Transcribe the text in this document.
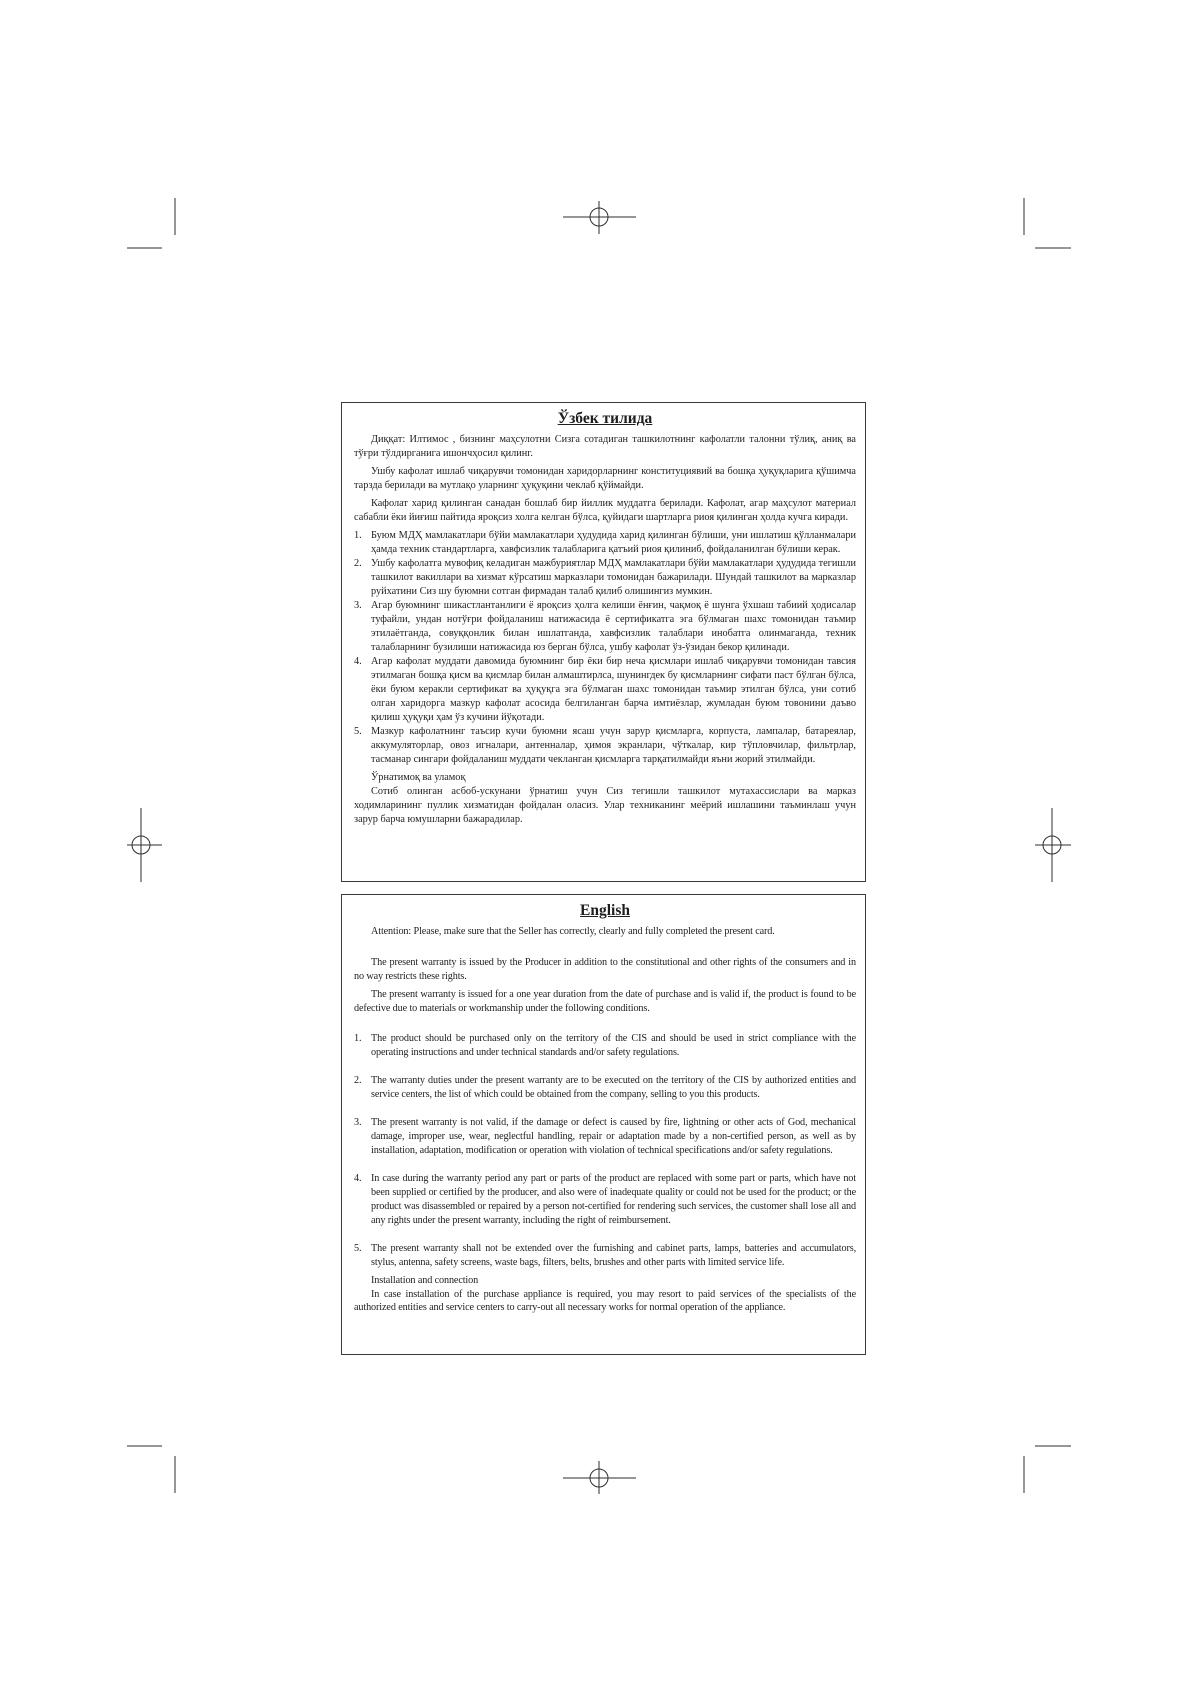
Ўзбек тилида

Диққат: Илтимос , бизнинг маҳсулотни Сизга сотадиган ташкилотнинг кафолатли талонни тўлиқ, аниқ ва тўғри тўлдирганига ишончҳосил қилинг.

Ушбу кафолат ишлаб чиқарувчи томонидан харидорларнинг конституциявий ва бошқа ҳуқуқларига қўшимча тарзда берилади ва мутлақо уларнинг ҳуқуқини чеклаб қўймайди.

Кафолат харид қилинган санадан бошлаб бир йиллик муддатга берилади. Кафолат, агар маҳсулот материал сабабли ёки йиғиш пайтида яроқсиз холга келган бўлса, қуйидаги шартларга риоя қилинган ҳолда кучга киради.

1. Буюм МДҲ мамлакатлари бўйи мамлакатлари ҳудудида харид қилинган бўлиши, уни ишлатиш қўлланмалари ҳамда техник стандартларга, хавфсизлик талабларига қатъий риоя қилиниб, фойдаланилган бўлиши керак.
2. Ушбу кафолатга мувофиқ келадиган мажбуриятлар МДҲ мамлакатлари бўйи мамлакатлари ҳудудида тегишли ташкилот вакиллари ва хизмат кўрсатиш марказлари томонидан бажарилади. Шундай ташкилот ва марказлар руйхатини Сиз шу буюмни сотган фирмадан талаб қилиб олишингиз мумкин.
3. Агар буюмнинг шикастлантанлиги ё яроқсиз ҳолга келиши ёнғин, чақмоқ ё шунга ўхшаш табиий ҳодисалар туфайли, ундан нотўғри фойдаланиш натижасида ё сертификатга эга бўлмаган шахс томонидан таъмир этилаётганда, совуққонлик билан ишлатганда, хавфсизлик талаблари инобатга олинмаганда, техник талабларнинг бузилиши натижасида юз берган бўлса, ушбу кафолат ўз-ўзидан бекор қилинади.
4. Агар кафолат муддати давомида буюмнинг бир ёки бир неча қисмлари ишлаб чиқарувчи томонидан тавсия этилмаган бошқа қисм ва қисмлар билан алмаштирлса, шунингдек бу қисмларнинг сифати паст бўлган бўлса, ёки буюм керакли сертификат ва ҳуқуқга эга бўлмаган шахс томонидан таъмир этилган бўлса, уни сотиб олган харидорга мазкур кафолат асосида белгиланган барча имтиёзлар, жумладан буюм товонини даъво қилиш ҳуқуқи ҳам ўз кучини йўқотади.
5. Мазкур кафолатнинг таъсир кучи буюмни ясаш учун зарур қисмларга, корпуста, лампалар, батареялар, аккумуляторлар, овоз игналари, антенналар, ҳимоя экранлари, чўткалар, кир тўпловчилар, фильтрлар, тасманар сингари фойдаланиш муддати чекланган қисмларга тарқатилмайди яъни жорий этилмайди.

Ўрнатимоқ ва уламоқ

Сотиб олинган асбоб-ускунани ўрнатиш учун Сиз тегишли ташкилот мутахассислари ва марказ ходимларининг пуллик хизматидан фойдалан оласиз. Улар техниканинг меёрий ишлашини таъминлаш учун зарур барча юмушларни бажарадилар.

English

Attention: Please, make sure that the Seller has correctly, clearly and fully completed the present card.

The present warranty is issued by the Producer in addition to the constitutional and other rights of the consumers and in no way restricts these rights.

The present warranty is issued for a one year duration from the date of purchase and is valid if, the product is found to be defective due to materials or workmanship under the following conditions.

1. The product should be purchased only on the territory of the CIS and should be used in strict compliance with the operating instructions and under technical standards and/or safety regulations.
2. The warranty duties under the present warranty are to be executed on the territory of the CIS by authorized entities and service centers, the list of which could be obtained from the company, selling to you this products.
3. The present warranty is not valid, if the damage or defect is caused by fire, lightning or other acts of God, mechanical damage, improper use, wear, neglectful handling, repair or adaptation made by a non-certified person, as well as by installation, adaptation, modification or operation with violation of technical specifications and/or safety regulations.
4. In case during the warranty period any part or parts of the product are replaced with some part or parts, which have not been supplied or certified by the producer, and also were of inadequate quality or could not be used for the product; or the product was disassembled or repaired by a person not-certified for rendering such services, the customer shall lose all and any rights under the present warranty, including the right of reimbursement.
5. The present warranty shall not be extended over the furnishing and cabinet parts, lamps, batteries and accumulators, stylus, antenna, safety screens, waste bags, filters, belts, brushes and other parts with limited service life.

Installation and connection

In case installation of the purchase appliance is required, you may resort to paid services of the specialists of the authorized entities and service centers to carry-out all necessary works for normal operation of the appliance.
